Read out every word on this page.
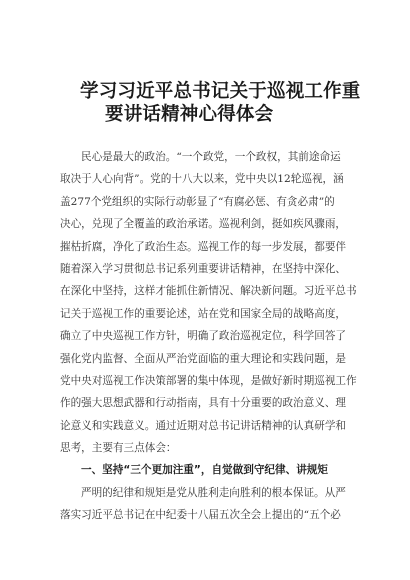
学习习近平总书记关于巡视工作重
要讲话精神心得体会
民心是最大的政治。“一个政党，一个政权，其前途命运
取决于人心向背”。党的十八大以来，党中央以12轮巡视，涵
盖277个党组织的实际行动彰显了“有腐必惩、有贪必肃”的
决心，兑现了全覆盖的政治承诺。巡视利剑，挺如疾风骤雨，
摧枯折腐，净化了政治生态。巡视工作的每一步发展，都要伴
随着深入学习贯彻总书记系列重要讲话精神，在坚持中深化、
在深化中坚持，这样才能抓住新情况、解决新问题。习近平总书
记关于巡视工作的重要论述，站在党和国家全局的战略高度，
确立了中央巡视工作方针，明确了政治巡视定位，科学回答了
强化党内监督、全面从严治党面临的重大理论和实践问题，是
党中央对巡视工作决策部署的集中体现，是做好新时期巡视工作
作的强大思想武器和行动指南，具有十分重要的政治意义、理
论意义和实践意义。通过近期对总书记讲话精神的认真研学和
思考，主要有三点体会：
一、坚持“三个更加注重”，自觉做到守纪律、讲规矩
严明的纪律和规矩是党从胜利走向胜利的根本保证。从严
落实习近平总书记在中纪委十八届五次全会上提出的“五个必
